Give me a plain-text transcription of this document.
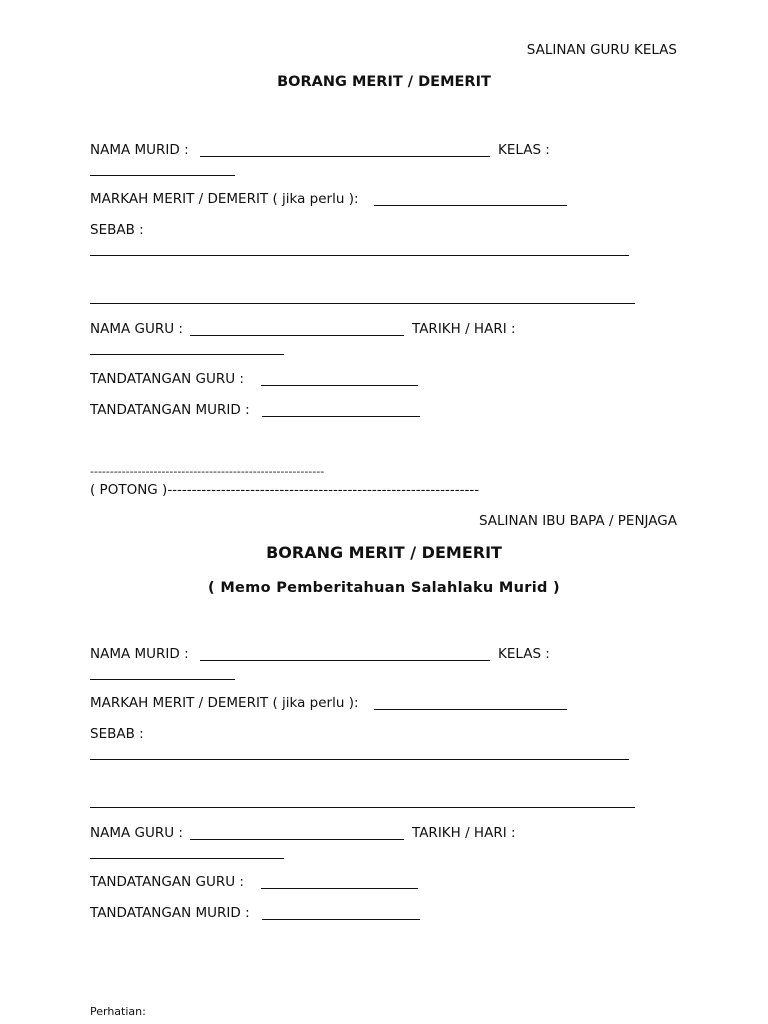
SALINAN GURU KELAS

BORANG MERIT / DEMERIT

NAMA MURID :	KELAS :

MARKAH MERIT / DEMERIT ( jika perlu ):

SEBAB :

NAMA GURU :	TARIKH / HARI :

TANDATANGAN GURU :

TANDATANGAN MURID :

-----------------------------------------------------------

( POTONG )----------------------------------------------------------------

SALINAN IBU BAPA / PENJAGA

BORANG MERIT / DEMERIT

( Memo Pemberitahuan Salahlaku Murid )

NAMA MURID :	KELAS :

MARKAH MERIT / DEMERIT ( jika perlu ):

SEBAB :

NAMA GURU :	TARIKH / HARI :

TANDATANGAN GURU :

TANDATANGAN MURID :

Perhatian:
